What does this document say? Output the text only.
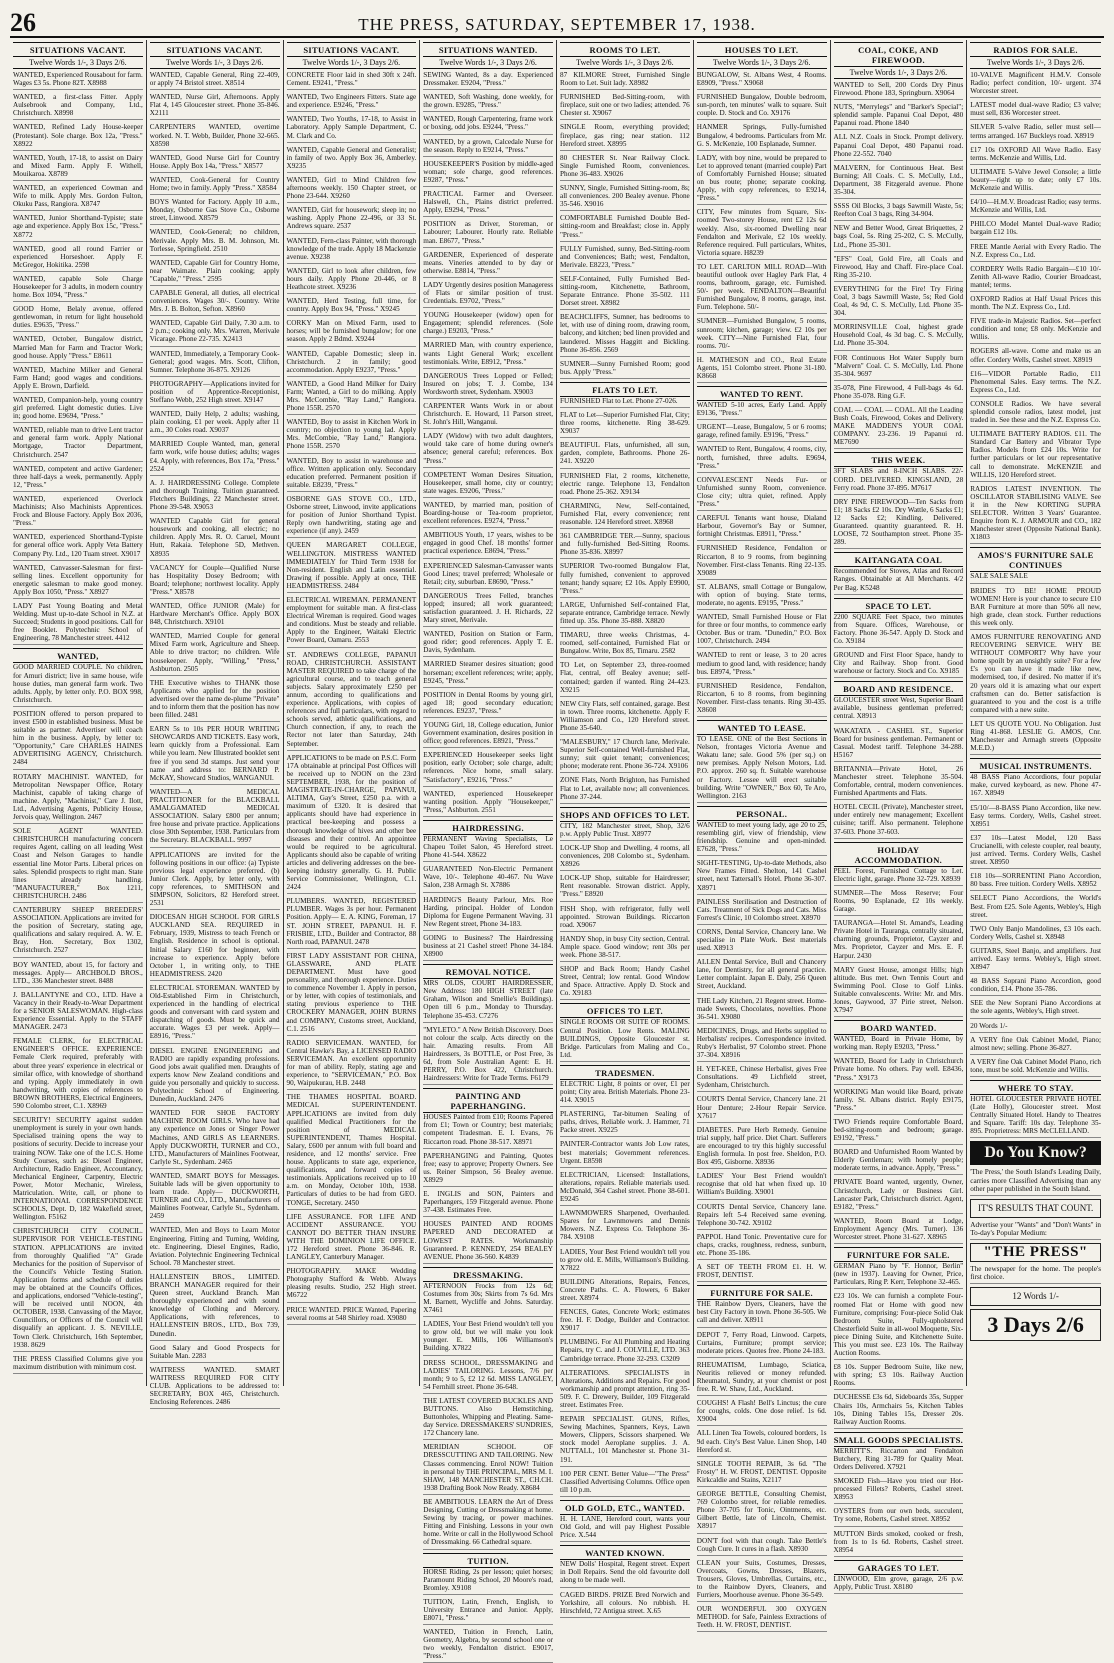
26	THE PRESS, SATURDAY, SEPTEMBER 17, 1938.
SITUATIONS VACANT.
Twelve Words 1/-, 3 Days 2/6.

WANTED, Experienced Rousabout for farm. Wages £3 5s. Phone 82T. X8988

WANTED, a first-class Fitter. Apply Aulsebrook and Company, Ltd., Christchurch. X8998

WANTED, Refined Lady House-keeper (Protestant). Sole charge. Box 12a, "Press." X8922

WANTED, Youth, 17-18, to assist on Dairy and Mixed Farm. Apply F. Withell, Mouikaroa. X8789

WANTED, an experienced Cowman and Wife to milk. Apply Mrs. Gordon Fulton, Okuku Pass, Rangiora. X8747

WANTED, Junior Shorthand-Typiste; state age and experience. Apply Box 15c, "Press." X8772

WANTED, good all round Farrier or experienced Horseshoer. Apply F. McGregor, Hokitika. 2598

WANTED, capable Sole Charge Housekeeper for 3 adults, in modern country home. Box 1094, "Press."

GOOD Home, Belaly avenue, offered gentlewoman, in return for light household duties. E9635, "Press."

WANTED, October, Bungalow district, Married Man for Farm and Tractor Work; good house. Apply "Press." E8611

WANTED, Machine Milker and General Farm Hand; good wages and conditions. Apply E. Brown, Darfield.

WANTED, Companion-help, young country girl preferred. Light domestic duties. Live in; good home. E9694, "Press."

WANTED, reliable man to drive Lent tractor and general farm work. Apply National Mortgage, Tractor Department, Christchurch. 2547

WANTED, competent and active Gardener; three half-days a week, permanently. Apply 12, "Press."

WANTED, experienced Overlock Machinists; Also Machinists Apprentices. Frock and Blouse Factory. Apply Box 2036, "Press."

WANTED, experienced Shorthand-Typiste for general office work. Apply Veta Battery Company Pty. Ltd., 120 Tuam street. X9017

WANTED, Canvasser-Salesman for first-selling lines. Excellent opportunity for energetic salesman to make good money. Apply Box 1050, "Press." X8927

LADY Past Young Boating and Metal Welding. Must up-to-date School in N.Z. at Succeed; Students in good positions. Call for free Booklet. Polytechnic School of Engineering, 78 Manchester street. 4412

WANTED,

GOOD MARRIED COUPLE. No children, for Amuri district; live in same house, wife house duties, man general farm work. Two adults. Apply, by letter only. P.O. BOX 998, Christchurch.

POSITION offered to person prepared to invest £500 in established business. Must be suitable as partner. Advertiser will coach him in the business. Apply, by letter to: "Opportunity," Care CHARLES HAINES ADVERTISING AGENCY, Christchurch. 2484

ROTARY MACHINIST. WANTED, for Metropolitan Newspaper Office, Rotary Machinist, capable of taking charge of machine. Apply, "Machinist," Care J. Ilott, Ltd., Advertising Agents, Publicity House, Jervois quay, Wellington. 2467

SOLE AGENT WANTED. CHRISTCHURCH manufacturing concern requires Agent, calling on all leading West Coast and Nelson Garages to handle essential line Motor Parts. Liberal prices on sales. Splendid prospects to right man. State lines already handling. "MANUFACTURER," Box 1211, CHRISTCHURCH. 2486

CANTERBURY SHEEP BREEDERS' ASSOCIATION. Applications are invited for the position of Secretary, stating age, qualifications and salary required. A. W. E. Bray, Hon. Secretary, Box 1302, Christchurch. 2527

BOY WANTED, about 15, for factory and messages. Apply— ARCHBOLD BROS., LTD., 336 Manchester street. 8488

J. BALLANTYNE and CO., LTD. Have a Vacancy in their Ready-to-Wear Department for a SENIOR SALESWOMAN. High-class Experience Essential. Apply to the STAFF MANAGER. 2473

FEMALE CLERK, for ELECTRICAL ENGINEER'S OFFICE. EXPERIENCE: Female Clerk required, preferably with about three years' experience in electrical or similar office, with knowledge of shorthand and typing. Apply immediately in own handwriting, with copies of references to BROWN BROTHERS, Electrical Engineers, 590 Colombo street, C.1. X8969

SECURITY! SECURITY against sudden unemployment is surely in your own hands. Specialised training opens the way to positions of security. Decide to increase your training NOW. Take one of the I.C.S. Home Study Courses, such as: Diesel Engineer, Architecture, Radio Engineer, Accountancy, Mechanical Engineer, Carpentry, Electric Power, Motor Mechanic, Wireless, Matriculation. Write, call, or phone to INTERNATIONAL CORRESPONDENCE SCHOOLS, Dept. D, 182 Wakefield street, Wellington. F5162

CHRISTCHURCH CITY COUNCIL. SUPERVISOR FOR VEHICLE-TESTING STATION. APPLICATIONS are invited from thoroughly Qualified "A" Grade Mechanics for the position of Supervisor of the Council's Vehicle Testing Station. Application forms and schedule of duties may be obtained at the Council's Offices, and applications, endorsed "Vehicle-testing", will be received until NOON, 4th OCTOBER, 1938. Canvassing of the Mayor, Councillors, or Officers of the Council will disqualify an applicant. J. S. NEVILLE, Town Clerk. Christchurch, 16th September, 1938. 8629

THE PRESS Classified Columns give you maximum distribution with minimum cost.

SITUATIONS VACANT.
Twelve Words 1/-, 3 Days 2/6.

WANTED, Capable General, Ring 22-409, or apply 74 Bristol street. X8514

WANTED, Nurse Girl, Afternoons. Apply Flat 4, 145 Gloucester street. Phone 35-846. X2111

CARPENTERS WANTED, overtime worked. N. T. Webb, Builder, Phone 32-665. X8598

WANTED, Good Nurse Girl for Country House. Apply Box 14a, "Press." X8577

WANTED, Cook-General for Country Home; two in family. Apply "Press." X8584

BOYS Wanted for Factory. Apply 10 a.m., Monday, Osborne Gas Stove Co., Osborne street, Linwood. X8579

WANTED, Cook-General; no children, Merivale. Apply Mrs. B. M. Johnson, Mt. Torlesse, Springfield. 2510

WANTED, Capable Girl for Country Home, near Waimate. Plain cooking; apply "Capable," "Press." 2595

CAPABLE General, all duties, all electrical conveniences. Wages 30/-. Country. Write Mrs. J. B. Bolton, Sefton. X8960

WANTED, Capable Girl Daily, 7.30 a.m. to 2 p.m.; cooking only. Mrs. Warren, Merivale Vicarage. Phone 22-735. X2413

WANTED, Immediately, a Temporary Cook-General; good wages. Mrs. Scott, Clifton, Sumner. Telephone 36-875. X9126

PHOTOGRAPHY—Applications invited for position of Apprentice-Receptionist, Steffano Webb, 252 High street. X9147

WANTED, Daily Help, 2 adults; washing, plain cooking, £1 per week. Apply after 11 a.m., 30 Coles road. X9037

MARRIED Couple Wanted, man, general farm work, wife house duties; adults; wages £4. Apply, with references, Box 17a, "Press." 2524

A. J. HAIRDRESSING College. Complete and thorough Training. Tuition guaranteed. Fletchers Buildings, 22 Manchester street. Phone 39-548. X9053

WANTED Capable Girl for general housework and cooking, all electric; no children. Apply Mrs. R. O. Caruel, Mount Hutt, Rakaia. Telephone 5D, Methven. X8935

VACANCY for Couple—Qualified Nurse has Hospitality Dosey Bedroom; with Board; telephone; northwest locality. Apply "Press." X8578

WANTED, Office JUNIOR (Male) for Hardware Merchant's Office. Apply BOX 848, Christchurch. X9101

WANTED, Married Couple for general Mixed Farm work, Agriculture and Sheep. Able to drive tractor; no children. Wife housekeeper. Apply, "Willing," "Press," Ashburton. 2505

THE Executive wishes to THANK those Applicants who applied for the position advertised over the name de-plume "Private" and to inform them that the position has now been filled. 2481

EARN 5s to 10s PER HOUR WRITING SHOWCARDS AND TICKETS. Easy work, learn quickly from a Professional. Earn while you learn. New Illustrated booklet sent free if you send 3d stamps. Just send your name and address to: BERNARD P. McKAY, Showcard Studios, WANGANUI.

WANTED—A MEDICAL PRACTITIONER for the BLACKBALL AMALGAMATED MEDICAL ASSOCIATION. Salary £800 per annum; free house and private practice. Applications close 30th September, 1938. Particulars from the Secretary. BLACKBALL. 9997

APPLICATIONS are invited for the following positions in our office: (a) Typiste previous legal experience preferred. (b) Junior Clerk. Apply, by letter only, with copy references, to SMITHSON and SIMPSON, Solicitors, 82 Hereford street. 2531

DIOCESAN HIGH SCHOOL FOR GIRLS AUCKLAND SEA. REQUIRED in February, 1939, Mistress to teach French or English. Residence in school is optional. Initial Salary £160 for beginner, with increase to experience. Apply before October 1, in writing only, to THE HEADMISTRESS. 2420

ELECTRICAL STOREMAN. WANTED by Old-Established Firm in Christchurch, experienced in the handling of electrical goods and conversant with card system and dispatching of goods. Must be quick and accurate. Wages £3 per week. Apply— E8916, "Press."

DIESEL ENGINE ENGINEERING and RADIO are rapidly expanding professions. Good jobs await qualified men. Draughts of experts know New Zealand conditions and guide you personally and quickly to success. Polytechnic School of Engineering. Dunedin, Auckland. 2476

WANTED FOR SHOE FACTORY MACHINE ROOM GIRLS. Who have had any experience on Jones or Singer Power Machines, AND GIRLS AS LEARNERS. Apply DUCKWORTH, TURNER and CO., LTD., Manufacturers of Mainlines Footwear, Carlyle St., Sydenham. 2465

WANTED, SMART BOYS for Messages. Suitable lads will be given opportunity to learn trade. Apply— DUCKWORTH, TURNER and CO., LTD., Manufacturers of Mainlines Footwear, Carlyle St., Sydenham. 2459

WANTED, Men and Boys to Learn Motor Engineering, Fitting and Turning, Welding, etc. Engineering, Diesel Engines, Radio, Aviation. Polytechnic Engineering Technical School. 78 Manchester street.

HALLENSTEIN BROS., LIMITED. BRANCH MANAGER required for their Queen street, Auckland Branch. Man thoroughly experienced and with sound knowledge of Clothing and Mercery. Applications, with references, to HALLENSTEIN BROS., LTD., Box 739, Dunedin.

Good Salary and Good Prospects for Suitable Man. 2283

WAITRESS WANTED. SMART WAITRESS REQUIRED FOR CITY CLUB. Applications to be addressed to: SECRETARY, BOX 465, Christchurch. Enclosing References. 2486

SITUATIONS VACANT.
Twelve Words 1/-, 3 Days 2/6.

CONCRETE Floor laid in shed 30ft x 24ft. Cement. E9241, "Press."

WANTED, Two Engineers Fitters. State age and experience. E9246, "Press."

WANTED, Two Youths, 17-18, to Assist in Laboratory. Apply Sample Department, C. M. Clark and Co.

WANTED, Capable General and Generalist; in family of two. Apply Box 36, Amberley. X9235

WANTED, Girl to Mind Children few afternoons weekly. 150 Chapter street, or Phone 23-644. X9260

WANTED, Girl for housework; sleep in; no washing. Apply Phone 22-496, or 33 St. Andrews square. 2537

WANTED, Fern-class Painter, with thorough knowledge of the trade. Apply 18 Mackenzie avenue. X9238

WANTED, Girl to look after children, few hours daily. Apply Phone 20-446, or 8 Heathcote street. X9236

WANTED, Herd Testing, full time, for country. Apply Box 94, "Press." X9245

CORKY Man on Mixed Farm, used to horses; will be furnished bungalow; for one season. Apply 2 Bdmd. X9244

WANTED, Capable Domestic; sleep in. Christchurch. 2 in family; good accommodation. Apply E9237, "Press."

WANTED, a Good Hand Milker for Dairy Farm; Wanted, a Girl to do milking. Apply Mrs. McCombie, "Ray Land," Rangiora. Phone 155R. 2570

WANTED, Boy to assist in Kitchen Work in country; no objection to young lad. Apply Mrs. McCombie, "Ray Land," Rangiora. Phone 155R. 2570

WANTED, Boy to assist in warehouse and office. Written application only. Secondary education preferred. Permanent position if suitable. E8239, "Press."

OSBORNE GAS STOVE CO., LTD., Osborne street, Linwood, invite applications for position of Junior Shorthand Typist. Reply own handwriting, stating age and experience (if any). 2459

QUEEN MARGARET COLLEGE, WELLINGTON. MISTRESS WANTED IMMEDIATELY for Third Term 1938 for Non-resident. English and Latin essential. Drawing if possible. Apply at once, THE HEADMISTRESS. 2484

ELECTRICAL WIREMAN. PERMANENT employment for suitable man. A first-class Electrical Wireman is required. Good wages and conditions. Must be steady and reliable. Apply to the Engineer, Waitaki Electric Power Board, Oamaru. 2553

ST. ANDREWS COLLEGE, PAPANUI ROAD, CHRISTCHURCH. ASSISTANT MASTER REQUIRED to take charge of the agricultural course, and to teach general subjects. Salary approximately £250 per annum, according to qualifications and experience. Applications, with copies of references and full particulars, with regard to schools served, athletic qualifications, and Church connection, if any, to reach the Rector not later than Saturday, 24th September.

APPLICATIONS to be made on P.S.C. Form 17A obtainable at principal Post Offices will be received up to NOON on the 23rd SEPTEMBER, 1938, for the position of MAGISTRATE-IN-CHARGE, PAPANUI, ALTIMA, Gay's Street, £250 p.a. with a maximum of £320. It is desired that applicants should have had experience in practical bee-keeping and possess a thorough knowledge of hives and other bee diseases and their control. An appointee would be required to be agricultural. Applicants should also be capable of writing articles and delivering addresses on the bee-keeping industry generally. G. H. Public Service Commissioner, Wellington, C.1. 2424

PLUMBERS. WANTED, REGISTERED PLUMBER. Wages 3s per hour. Permanent Position. Apply— E. A. KING, Foreman, 17 ST. JOHN STREET, PAPANUI. H. F. FRISBIE, LTD., Builder and Contractor, 88 North road, PAPANUI. 2478

FIRST LADY ASSISTANT FOR CHINA, GLASSWARE, AND PLATE DEPARTMENT. Must have good personality, and thorough experience. Duties to commence November 1. Apply in person, or by letter, with copies of testimonials, and stating previous experience to THE CROCKERY MANAGER, JOHN BURNS and COMPANY, Customs street, Auckland, C.1. 2516

RADIO SERVICEMAN. WANTED, for Central Hawke's Bay, a LICENSED RADIO SERVICEMAN. An excellent opportunity for man of ability. Reply, stating age and experience, to "SERVICEMAN," P.O. Box 90, Waipukurau, H.B. 2448

THE THAMES HOSPITAL BOARD. MEDICAL SUPERINTENDENT. APPLICATIONS are invited from duly qualified Medical Practitioners for the position of MEDICAL SUPERINTENDENT, Thames Hospital. Salary, £600 per annum with full board and residence, and 12 months' service. Free house. Applicants to state age, experience, qualifications, and forward copies of testimonials. Applications received up to 10 a.m. on Monday, October 10th, 1938. Particulars of duties to be had from GEO. TONGE, Secretary. 2450

LIFE ASSURANCE. FOR LIFE AND ACCIDENT ASSURANCE. YOU CANNOT DO BETTER THAN INSURE WITH THE DOMINION LIFE OFFICE. 172 Hereford street. Phone 36-846. R. LANGLEY, Canterbury Manager.

PHOTOGRAPHY. MAKE Wedding Photography Stafford & Webb. Always pleasing results. Studio, 252 High street. M6722

PRICE WANTED. PRICE Wanted, Papering several rooms at 548 Shirley road. X9080

SITUATIONS WANTED.
Twelve Words 1/-, 3 Days 2/6.

SEWING Wanted, 8s a day. Experienced Dressmaker. E9204, "Press."

WANTED, Soft Washing, done weekly, for the grown. E9285, "Press."

WANTED, Rough Carpentering, frame work or boxing, odd jobs. E9244, "Press."

WANTED, by a grown, Calcedale Nurse for the season. Reply to E9214, "Press."

HOUSEKEEPER'S Position by middle-aged woman; sole charge, good references. E9287, "Press."

PRACTICAL Farmer and Overseer. Halswell, Ch., Plains district preferred. Apply, E9294, "Press."

POSITION as Driver, Storeman, or Labourer; Labourer. Hourly rate. Reliable man. E8677, "Press."

GARDENER, Experienced of desperate means. Vineries attended to by day or otherwise. E8814, "Press."

LADY Urgently desires position Manageress of Flats or similar position of trust. Credentials. E9702, "Press."

YOUNG Housekeeper (widow) open for Engagement; splendid references. (Sole charge.) E9203, "Press."

MARRIED Man, with country experience, wants Light General Work; excellent testimonials. Write, E8912, "Press."

DANGEROUS Trees Lopped or Felled; Insured on jobs; T. J. Combe, 134 Wordsworth street, Sydenham. X9003

CARPENTER Wants Work in or about Christchurch. E. Howard, 11 Parson street, St. John's Hill, Wanganui.

LADY (Widow) with two adult daughters, would take care of home during owner's absence; general careful; references. Box "Press."

COMPETENT Woman Desires Situation, Housekeeper, small home, city or country; state wages. E9206, "Press."

WANTED, by married man, position of Boarding-house or Tea-room proprietor, excellent references. E9274, "Press."

AMBITIOUS Youth, 17 years, wishes to be engaged in good Chef. 18 months' former practical experience. E8694, "Press."

EXPERIENCED Salesman-Canvasser wants Good Lines; travel preferred; Wholesale or Retail; city, suburban. E8690, "Press."

DANGEROUS Trees Felled, branches lopped; insured; all work guaranteed; satisfaction guaranteed. J. H. Richards, 22 Mary street, Merivale.

WANTED, Position on Station or Farm, good rider; good references. Apply T. E. Davis, Sydenham.

MARRIED Steamer desires situation; good horseman; excellent references; write; apply, E9245, "Press."

POSITION in Dental Rooms by young girl, aged 18; good secondary education; references. E9237, "Press."

YOUNG Girl, 18, College education, Junior Government examination, desires position in office; good references. E8921, "Press."

EXPERIENCED Housekeeper seeks light position, early October; sole charge, adult; references. Nice home, small salary. "Satisfactory", E9216, "Press."

WANTED, experienced Housekeeper wanting position. Apply "Housekeeper," "Press," Ashburton. 2551

HAIRDRESSING.

PERMANENT Waving Specialists, Le Chapeu Toilet Salon, 45 Hereford street. Phone 41-544. X8622

GUARANTEED Non-Electric Permanent Wave, 10/-. Telephone 40-467. Nu Wave Salon, 238 Armagh St. X7886

HARDING'S Beauty Parlour, Mrs. Roe Harding, principal. Holder of London Diploma for Eugene Permanent Waving. 31 New Regent street, Phone 34-183.

GOING to Business? The Hairdressing business at 21 Cashel street! Phone 34-184. X8900

REMOVAL NOTICE.

MRS OLDS, COURT HAIRDRESSER, New Address: 180 HIGH STREET (late Graham, Wilson and Smellie's Buildings). Open till 6 p.m., Monday to Thursday. Telephone 35-453. C7276

"MYLETO." A New British Discovery. Does not colour the scalp. Acts directly on the hair. Amazing results. From All Hairdressers, 3s BOTTLE, or Post Free, 3s 6d, from Sole Australian Agent: E. H. PERRY, P.O. Box 422, Christchurch. Hairdressers: Write for Trade Terms. F6179

PAINTING AND PAPERHANGING.

HOUSES Painted from £10; Rooms Papered from £1; Town or Country; best materials; competent Tradesman. E. I. Evans, 76 Riccarton road. Phone 38-517. X8971

PAPERHANGING and Painting, Quotes free; easy to approve; Property Owners. See us. Reiner Simpson, 56 Bealey avenue. X8929

E. INGLIS and SON, Painters and Paperhangers, 159 Fitzgerald avenue. Phone 37-438. Estimates Free.

HOUSES PAINTED AND ROOMS PAPERED AND DECORATED at LOWEST RATES. Workmanship Guaranteed. P. KENNEDY, 254 BEALEY AVENUE. Phone 36-560. K4839

DRESSMAKING.

AFTERNOON Frocks from 12s 6d; Costumes from 30s; Skirts from 7s 6d. Mrs M. Barnett, Wycliffe and Johns. Saturday. X7461

LADIES, Your Best Friend wouldn't tell you to grow old, but we will make you look younger. E. Mills, 106 Williamson's Building. X7822

DRESS SCHOOL, DRESSMAKING and LADIES' TAILORING. Lessons, 7/6 per month; 9 to 5, £2 12 6d. MISS LANGLEY, 54 Fernhill street. Phone 36-648.

THE LATEST COVERED BUCKLES AND BUTTONS. Also Hemstitching, Buttonholes, Whipping and Pleating. Same-day Service. DRESSMAKERS' SUNDRIES, 172 Chancery lane.

MERIDIAN SCHOOL OF DRESSCUTTING AND TAILORING. New Classes commencing. Enrol NOW! Tuition in personal by THE PRINCIPAL, MRS M. I. SHAW, 148 MANCHESTER ST., CH.CH. 1938 Drafting Book Now Ready. X8684

BE AMBITIOUS. LEARN the Art of Dress Designing, Cutting or Dressmaking at home. Sewing by tracing, or power machines. Fitting and Finishing. Lessons in your own home. Write or call in the Hollywood School of Dressmaking. 66 Cathedral square.

TUITION.

HORSE Riding, 2s per lesson; quiet horses; Paramount Riding School, 20 Moore's road, Bromley. X9108

TUITION, Latin, French, English, to University Entrance and Junior. Apply, E8071, "Press."

WANTED, Tuition in French, Latin, Geometry, Algebra, by second school one or two weekly, Fendalton district. E9017, "Press."

ROOMS TO LET.
Twelve Words 1/-, 3 Days 2/6.

87 KILMORE Street, Furnished Single Room to Let. Suit lady. X8982

FURNISHED Bed-Sitting-room, with fireplace, suit one or two ladies; attended. 76 Chester st. X9067

SINGLE Room, everything provided; fireplace, gas ring; near station. 112 Hereford street. X8995

80 CHESTER St. Near Railway Clock. Single Furnished Room, conveniences. Phone 36-483. X9026

SUNNY, Single, Furnished Sitting-room, 8s; all conveniences. 200 Bealey avenue. Phone 35-546. X9016

COMFORTABLE Furnished Double Bed-sitting-room and Breakfast; close in. Apply "Press."

FULLY Furnished, sunny, Bed-Sitting-room and Conveniences; Bath; west, Fendalton, Merivale. E8223, "Press."

SELF-Contained, Fully Furnished Bed-sitting-room, Kitchenette, Bathroom, Separate Entrance. Phone 35-502. 111 Dorset street. X8982

BEACHCLIFFS, Sumner, has bedrooms to let, with use of dining room, drawing room, balcony, and kitchen; bed linen provided and laundered. Misses Haggitt and Bickling. Phone 36-856. 2569

SUMNER—Sunny Furnished Room; good bus. Apply "Press."

FLATS TO LET.

FURNISHED Flat to Let. Phone 27-026.

FLAT to Let—Superior Furnished Flat, City; three rooms, kitchenette. Ring 38-629. X9037

BEAUTIFUL Flats, unfurnished, all sun, garden, complete, Bathrooms. Phone 26-241. X9220

FURNISHED Flat, 2 rooms, kitchenette, electric range. Telephone 13, Fendalton road. Phone 25-362. X9134

CHARMING, New, Self-contained, Furnished Flat, every convenience; rent reasonable. 124 Hereford street. X8968

361 CAMBRIDGE TER.—Sunny, spacious and fully-furnished Bed-Sitting Rooms. Phone 35-836. X8997

SUPERIOR Two-roomed Bungalow Flat, fully furnished, convenient to approved tenant; handy square; £2 10s. Apply E9900, "Press."

LARGE, Unfurnished Self-contained Flat, separate entrance, Cambridge terrace. Newly fitted up. 35s. Phone 35-888. X8820

TIMARU, three weeks Christmas, 4-roomed, self-contained, Furnished Flat or Bungalow. Write, Box 85, Timaru. 2582

TO Let, on September 23, three-roomed Flat, central, off Bealey avenue; self-contained; garden if wanted. Ring 24-423. X9215

NEW City Flats, self contained, garage. Best in town. Three rooms, kitchenette. Apply F. Williamson and Co., 120 Hereford street. Phone 35-640.

"MALESBURY," 17 Church lane, Merivale. Superior Self-contained Well-furnished Flat, sunny; suit quiet tenant; conveniences; phone; moderate rent. Phone 36-724. X9106

ZONE Flats, North Brighton, has Furnished Flat to Let, available now; all conveniences. Phone 37-244.

SHOPS AND OFFICES TO LET.

CITY, 182 Manchester street, Shop, 32/6 p.w. Apply Public Trust. X8977

LOCK-UP Shop and Dwelling, 4 rooms, all conveniences, 208 Colombo st., Sydenham. X8926

LOCK-UP Shop, suitable for Hairdresser; Rent reasonable. Strowan district. Apply, "Press." E8920

FISH Shop, with refrigerator, fully well appointed. Strowan Buildings. Riccarton road. X9067

HANDY Shop, in busy City section, Central. Ample space. Good window; rent 30s per week. Phone 38-517.

SHOP and Back Room; Handy Cashel Street, Central; low rental. Good Window and Space. Attractive. Apply D. Stock and Co. X9183

OFFICES TO LET.

SINGLE ROOMS OR SUITE OF ROOMS. Central Position. Low Rents. MALING BUILDINGS, Opposite Gloucester st. Bridge. Particulars from Maling and Co., Ltd.

TRADESMEN.

ELECTRIC Light, 8 points or over, £1 per point; City area. British Materials. Phone 23-414. X9015

PLASTERING, Tar-bitumen Sealing of paths, drives, Reliable work. J. Hammer, 71 Packe street. X9225

PAINTER-Contractor wants Job Low rates, best materials; Government references. Urgent. E8598

ELECTRICIAN, Licensed: Installations, alterations, repairs. Reliable materials used. McDonald, 364 Cashel street. Phone 38-601. E9245

LAWNMOWERS Sharpened, Overhauled. Spares for Lawnmowers and Dennis Mowers. N.Z. Express Co. Telephone 36-784. X9108

LADIES, Your Best Friend wouldn't tell you to grow old. E. Mills, Williamson's Building. X7822

BUILDING Alterations, Repairs, Fences, Concrete Paths. C. A. Flowers, 6 Baker street. X8974

FENCES, Gates, Concrete Work; estimates free. H. F. Dodge, Builder and Contractor. X9017

PLUMBING. For All Plumbing and Heating Repairs, try C. and J. COLVILLE, LTD. 363 Cambridge terrace. Phone 32-293. C3209

ALTERATIONS. SPECIALISTS in Alterations, Additions and Repairs. For good workmanship and prompt attention, ring 35-509. F. C. Drewery, Builder, 109 Fitzgerald street. Estimates Free.

REPAIR SPECIALIST. GUNS, Rifles, Sewing Machines, Spanners, Keys, Lawn Mowers, Clippers, Scissors sharpened. We stock model Aeroplane supplies. J. A. NUTTALL, 101 Manchester st. Phone 31-191.

100 PER CENT. Better Value—"The Press" Classified Advertising Columns. Office open till 10 p.m.

OLD GOLD, ETC., WANTED.

H. H. LANE, Hereford court, wants your Old Gold, and will pay Highest Possible Price. X.544

WANTED KNOWN.

NEW Dolls' Hospital, Regent street. Expert in Doll Repairs. Send the old favourite doll along to be made well.

CAGED BIRDS. PRIZE Bred Norwich and Yorkshire, all colours. No rubbish. H. Hirschfeld, 72 Antigua street. X.65

HOUSES TO LET.
Twelve Words 1/-, 3 Days 2/6.

BUNGALOW, St. Albans West, 4 Rooms. E8909, "Press." X9068

FURNISHED Bungalow, Double bedroom, sun-porch, ten minutes' walk to square. Suit couple. D. Stock and Co. X9176

HANMER Springs, Fully-furnished Bungalow, 4 bedrooms. Particulars from Mr. G. S. McKenzie, 100 Esplanade, Sumner.

LADY, with boy nine, would be prepared to Let to approved tenant (married couple) Part of Comfortably Furnished House; situated on bus route; phone; separate cooking. Apply, with copy references, to E9214, "Press."

CITY, Few minutes from Square, Six-roomed Two-storey House, rent £2 12s 6d weekly. Also, six-roomed Dwelling near Fendalton and Merivale, £2 10s weekly. Reference required. Full particulars, Whites, Victoria square. H8239

TO LET. CARLTON MILL ROAD—With beautiful outlook over Hagley Park Flat, 4 rooms, bathroom, garage, etc. Furnished. 50/- per week. FENDALTON—Beautiful Furnished Bungalow, 8 rooms, garage, inst. Furn. Telephone. 50/-

SUMNER—Furnished Bungalow, 5 rooms, sunroom; kitchen, garage; view. £2 10s per week. CITY—Nine Furnished Flat, four rooms. 70/-

H. MATHESON and CO., Real Estate Agents, 151 Colombo street. Phone 31-180. K8668

WANTED TO RENT.

WANTED 5-10 acres, Early Land. Apply E9136, "Press."

URGENT—Lease, Bungalow, 5 or 6 rooms; garage, refined family. E9196, "Press."

WANTED to Rent, Bungalow, 4 rooms, city, north, furnished, three adults. E9694, "Press."

CONVALESCENT Needs Fur- or Unfurnished sunny Room, convenience. Close city; ultra quiet, refined. Apply "Press."

CAREFUL Tenants want house, Dialand Harbour, Governor's Bay or Sumner, fortnight Christmas. E8911, "Press."

FURNISHED Residence, Fendalton or Riccarton, 8 to 9 rooms, from beginning November. First-class Tenants. Ring 22-135. X9089

ST. ALBANS, small Cottage or Bungalow, with option of buying. State terms, moderate, no agents. E9195, "Press."

WANTED, Small Furnished House or Flat for three or four months, to commence early October. Bus or tram. "Dunedin," P.O. Box 1007, Christchurch. 2494

WANTED to rent or lease, 3 to 20 acres medium to good land, with residence; handy bus. E8974, "Press."

FURNISHED Residence, Fendalton, Riccarton, 6 to 8 rooms, from beginning November. First-class tenants. Ring 30-435. X8608

WANTED TO LEASE.

TO LEASE. ONE of the Best Sections in Nelson, frontages Victoria Avenue and Wakatu lane; sale. Good 5% (per sq.) on new premises. Apply Nelson Motors, Ltd. P.O. approx. 260 sq. ft. Suitable warehouse or Factory. Lessee will erect suitable building. Write "OWNER," Box 60, Te Aro, Wellington. 2163

PERSONAL.

WANTED to meet young lady, age 20 to 25, resembling girl, view of friendship, view friendship. Genuine and open-minded. E7628, "Press."

SIGHT-TESTING, Up-to-date Methods, also New Frames Fitted. Shelton, 141 Cashel street, next Tattersall's Hotel. Phone 36-307. X8971

PAINLESS Sterilisation and Destruction of Cats. Treatment of Sick Dogs and Cats. Miss Forrest's Clinic, 10 Colombo street. X8970

CORNS, Dental Service, Chancery lane. We specialise in Plate Work. Best materials used. X8913

ALLEN Dental Service, Bull and Chancery lane, for Dentistry, for all general practice. Letter complaint. Japan E. Daly, 256 Queen Street, Auckland.

THE Lady Kitchen, 21 Regent street. Home-made Sweets, Chocolates, novelties. Phone 36-541. X9080

MEDICINES, Drugs, and Herbs supplied to Herbalists' recipes. Correspondence invited. Ruby's Herbalist, 97 Colombo street. Phone 37-304. X8916

H. YET-KEE, Chinese Herbalist, gives Free Consultations. 49 Lichfield street, Sydenham, Christchurch.

COURTS Dental Service, Chancery lane. 21 Hour Denture; 2-Hour Repair Service. X7617

DIABETES. Pure Herb Remedy. Genuine trial supply, half price. Diet Chart. Sufferers are encouraged to try this highly successful English formula. In post free. Sheldon, P.O. Box 495, Gisborne. X8936

LADIES' Your Best Friend wouldn't recognise that old hat when fixed up. 10 William's Building. X9001

COURTS Dental Service, Chancery lane. Repairs left 5-4 Received same evening. Telephone 30-742. X9102

PAPPOL Hand Tonic. Preventative cure for chaps, cracks, roughness, redness, sunburn, etc. Phone 35-186.

A SET OF TEETH FROM £1. H. W. FROST, DENTIST.

FURNITURE FOR SALE.

THE Rainbow Dyers, Cleaners, have the best City Factory in town. Phone 36-505. We call and deliver. X8911

DEPOT 7, Ferry Road, Linwood. Carpets, Curtains, Furniture; prompt service; moderate prices. Quotes free. Phone 24-183.

RHEUMATISM, Lumbago, Sciatica, Neuritis relieved or money refunded. Rheumatol, Sundry, at your chemist or post free. R. W. Shaw, Ltd., Auckland.

COUGHS! A Flash! Bell's Linctus; the cure for coughs, colds. One dose relief. 1s 6d. X9004

ALL Linen Tea Towels, coloured borders, 1s 9d each. City's Best Value. Linen Shop, 140 Hereford st.

SINGLE TOOTH REPAIR, 3s 6d. "The Frosty" H. W. FROST, DENTIST. Opposite Kirkcaldie and Stains, X2117

GEORGE BETTLE, Consulting Chemist, 769 Colombo street, for reliable remedies. Phone 37-705 for Tonic, Ointments, etc. Gilbert Bettle, late of Lincoln, Chemist. X8917

DON'T fool with that cough. Take Bettle's Cough Cure. It cures in a flash. X8930

CLEAN your Suits, Costumes, Dresses, Overcoats, Gowns, Dresses, Blazers, Trousers, Gloves, Umbrellas, Curtains, etc., to the Rainbow Dyers, Cleaners, and Furriers, Moorhouse avenue. Phone 36-549.

OUR WONDERFUL 300 OXYGEN METHOD. for Safe, Painless Extractions of Teeth. H. W. FROST, DENTIST.

COAL, COKE, AND FIREWOOD.
Twelve Words 1/-, 3 Days 2/6.

WANTED to Sell, 200 Cords Dry Pinus Firewood. Phone 183, Springburn. X9064

NUTS, "Merrylegs" and "Barker's Special"; splendid sample. Papanui Coal Depot, 480 Papanui road. Phone 1840

ALL N.Z. Coals in Stock. Prompt delivery. Papanui Coal Depot, 480 Papanui road. Phone 22-552. 7040

MALVERN, for Continuous Heat. Best Burning; All Coals. C. S. McCully, Ltd., Department, 38 Fitzgerald avenue. Phone 35-304.

SSSS Oil Blocks, 3 bags Sawmill Waste, 5s; Reefton Coal 3 bags, Ring 34-904.

NEW and Better Wood, Great Briquettes, 2 bags Coal, 5s. Ring 25-202, C. S. McCully, Ltd., Phone 35-301.

"EFS" Coal, Gold Fire, all Coals and Firewood, Hay and Chaff. Fire-place Coal. Ring 35-210.

EVERYTHING for the Fire! Try Firing Coal, 3 bags Sawmill Waste, 5s; Red Gold Coal, 4s 9d, C. S. McCully, Ltd. Phone 35-304.

MORRINSVILLE Coal, highest grade Household Coal, 4s 3d bag. C. S. McCully, Ltd. Phone 35-304.

FOR Continuous Hot Water Supply burn "Malvern" Coal. C. S. McCully, Ltd. Phone 35-304. 9697

35-078, Pine Firewood, 4 Full-bags 4s 6d. Phone 35-078. Ring G.F.

COAL — COAL — COAL. All the Leading Bush Coals, Firewood, Cokes and Delivery. MAKE MADDEN'S YOUR COAL COMPANY. 23-236. 19 Papanui rd. ME7690

THIS WEEK.

3FT SLABS and 8-INCH SLABS. 22/- CORD. DELIVERED. KINGSLAND, 28 Ferry road. Phone 37-895. M7617

DRY PINE FIREWOOD—Ten Sacks from £1; 18 Sacks £2 10s. Dry Wattle, 6 Sacks £1; 12 Sacks £2; Kindling. Delivered. Guaranteed. quantity guaranteed. R. H. LOOSE, 72 Southampton street. Phone 35-289.

KAITANGATA COAL

Recommended for Stoves, Atlas and Record Ranges. Obtainable at All Merchants. 4/2 Per Bag. K5248

SPACE TO LET.

2200 SQUARE Feet Space, two minutes from Square. Offices, Warehouse, or Factory. Phone 36-547. Apply D. Stock and Co. X9184

GROUND and First Floor Space, handy to City and Railway. Shop front. Good warehouse or factory. Stock and Co. X9185

BOARD AND RESIDENCE.

GLOUCESTER street West, Superior Board available, business gentleman preferred; central. X8913

WAKATATA - CASHEL ST., Superior Board for business gentleman. Permanent or Casual. Modest tariff. Telephone 34-288. H5167

BRITANNIA—Private Hotel, 26 Manchester street. Telephone 35-504. Comfortable, central, modern conveniences. Furnished Apartments and Flats.

HOTEL CECIL (Private), Manchester street, under entirely new management; Excellent cuisine; tariff. Also permanent. Telephone 37-603. Phone 37-603.

HOLIDAY ACCOMMODATION.

PEEL Forest, Furnished Cottage to Let. Electric light, garage. Phone 32-729. X8939

SUMNER—The Moss Reserve; Four Rooms, 90 Esplanade, £2 10s weekly. Garage.

TAURANGA—Hotel St. Amand's, Leading Private Hotel in Tauranga, centrally situated, charming grounds, Proprietor, Cayzer and Mrs. Proprietor, Cayzer and Mrs. E. F. Harpur. 2430

MARY Guest House, amongst Hills; high altitude. Bus met. Own Tennis Court and Swimming Pool. Close to Golf Links. Suitable convalescents. Write: Mr. and Mrs. Jones, Gaywood, 37 Pirie street, Nelson. X7947

BOARD WANTED.

WANTED, Board in Private Home, by working man. Reply E9203, "Press."

WANTED, Board for Lady in Christchurch Private home. No others. Pay well. E8436, "Press." X9173

WORKING Man would like Board, private family. St. Albans district. Reply E9175, "Press."

TWO Friends require Comfortable Board, bed-sitting-room and bedroom; garage. E9192, "Press."

BOARD and Unfurnished Room Wanted by Elderly Gentleman; with homely people; moderate terms, in advance. Apply, "Press."

PRIVATE Board wanted, urgently, Owner, Christchurch, Lady or Business Girl. Lancaster Park, Christchurch district. Agent, E9182, "Press."

WANTED, Room Board at Lodge, Employment Agency (Mrs. Turner). 136 Worcester street. Phone 31-627. X8965

FURNITURE FOR SALE.

GERMAN Piano by "F. Honnor, Berlin" (new in 1937). Leaving for Owner, Price, Particulars, Ring P. Kerr, Telephone 32-465.

£23 10s. We can furnish a complete Four-roomed Flat or Home with good new Furniture, comprising: Four-piece Solid Oak Bedroom Suite, Fully-upholstered Chesterfield Suite in all-wool Moquette, Six-piece Dining Suite, and Kitchenette Suite. This you must see. £23 10s. The Railway Auction Rooms.

£8 10s. Supper Bedroom Suite, like new, with spring; £3 10s. Railway Auction Rooms.

DUCHESSE £3s 6d, Sideboards 35s, Supper Chairs 10s, Armchairs 5s, Kitchen Tables 10s, Dining Tables 15s, Dresser 20s. Railway Auction Rooms.

SMALL GOODS SPECIALISTS.

MERRITT'S. Riccarton and Fendalton Butchery, Ring 31-789 for Quality Meat. Orders Delivered. X7921

SMOKED Fish—Have you tried our Hot-processed Fillets? Roberts, Cashel street. X8953

OYSTERS from our own beds, succulent, Try some, Roberts, Cashel street. X8952

MUTTON Birds smoked, cooked or fresh, from 1s to 1s 6d. Roberts, Cashel street. X8954

GARAGES TO LET.

LINWOOD, Elm grove, garage, 2/6 p.w. Apply, Public Trust. X8180

RADIOS FOR SALE.
Twelve Words 1/-, 3 Days 2/6.

10-VALVE Magnificent H.M.V. Console Radio; perfect condition, 10/- urgent. 374 Worcester street.

LATEST model dual-wave Radio; £3 valve; must sell, 836 Worcester street.

SILVER 5-valve Radio, seller must sell—terms arranged. 167 Buckleys road. X8919

£17 10s OXFORD All Wave Radio. Easy terms. McKenzie and Willis, Ltd.

ULTIMATE 5-Valve Jewel Console; a little beauty—right up to date; only £7 10s. McKenzie and Willis.

£4/10—H.M.V. Broadcast Radio; easy terms. McKenzie and Willis, Ltd.

PHILCO Model Mantel Dual-wave Radio; bargain £12 10s.

FREE Mantle Aerial with Every Radio. The N.Z. Express Co., Ltd.

CORDERY Wells Radio Bargain—£10 10/- Zenith All-wave Radio, Courier Broadcast, mantel; terms.

OXFORD Radios at Half Usual Prices this month. The N.Z. Express Co., Ltd.

FIVE trade-in Majestic Radios. Set—perfect condition and tone; £8 only. McKenzie and Willis.

ROGERS all-wave. Come and make us an offer. Cordery Wells, Cashel street. X8919

£16—VIDOR Portable Radio, £11 Phenomenal Sales. Easy terms. The N.Z. Express Co., Ltd.

CONSOLE Radios. We have several splendid console radios, latest model, just traded in. See these and the N.Z. Express Co.

ULTIMATE BATTERY RADIOS. £11. The Standard Car Battery and Vibrator Type Radios. Models from £24 10s. Write for further particulars or let our representative call to demonstrate. McKENZIE and WILLIS, 120 Hereford street.

RADIOS LATEST INVENTION. The OSCILLATOR STABILISING VALVE. See it in the New KORTING SUPRA SELECTOR. Written 3 Years' Guarantee. Enquire from K. J. ARMOUR and CO., 182 Manchester street (Opposite National Bank). X1803

AMOS'S FURNITURE SALE CONTINUES

SALE SALE SALE

BRIDES TO BE! HOME PROUD WOMEN! Here is your chance to secure £10 BAR Furniture at more than 50% all new, high grade, clean stock. Further reductions this week only.

AMOS FURNITURE RENOVATING AND RECOVERING SERVICE. WHY BE WITHOUT COMFORT? Why have your home spoilt by an unsightly suite? For a few £'s you can have it made like new, modernised, too, if desired. No matter if it's 20 years old it is amazing what our expert craftsmen can do. Better satisfaction is guaranteed to you and the cost is a trifle compared with a new suite.

LET US QUOTE YOU. No Obligation. Just Ring 41-868. LESLIE G. AMOS, Cnr. Manchester and Armagh streets (Opposite M.E.D.)

MUSICAL INSTRUMENTS.

48 BASS Piano Accordions, four popular make, curved keyboard, as new. Phone 47-167. X8949

£5/10/—8-BASS Piano Accordion, like new. Easy terms. Cordery, Wells, Cashel street. X8951

£37 10s—Latest Model, 120 Bass Crucianelli, with celeste coupler, real beauty, just arrived. Terms. Cordery Wells, Cashel street. X8950

£18 10s—SORRENTINI Piano Accordion, 80 bass. Free tuition. Cordery Wells. X8952

SELECT Piano Accordions, the World's Best. From £25. Sole Agents, Webley's, High street.

TWO Only Banjo Mandolines, £3 10s each. Cordery Wells, Cashel st. X8948

GUITARS, Steel Banjo, and amplifiers. Just arrived. Easy terms. Webley's, High street. X8947

48 BASS Soprani Piano Accordion, good condition, £14. Phone 35-786.

SEE the New Soprani Piano Accordions at the sole agents, Webley's, High street.

20 Words 1/-

A VERY fine Oak Cabinet Model, Piano; almost new; selling. Phone 36-827.

A VERY fine Oak Cabinet Model Piano, rich tone, must be sold. McKenzie and Willis.

WHERE TO STAY.

HOTEL GLOUCESTER PRIVATE HOTEL (Late Holly), Gloucester street. Most Centrally Situated Hotel. Handy to Theatres and Square. Tariff: 10s day. Telephone 35-895. Proprietress: MRS McCLELLAND.

Do You Know?

'The Press,' the South Island's Leading Daily, carries more Classified Advertising than any other paper published in the South Island.

IT'S RESULTS THAT COUNT.

Advertise your "Wants" and "Don't Wants" in To-day's Popular Medium:

"THE PRESS"

The newspaper for the home. The people's first choice.

12 Words 1/-
3 Days 2/6
